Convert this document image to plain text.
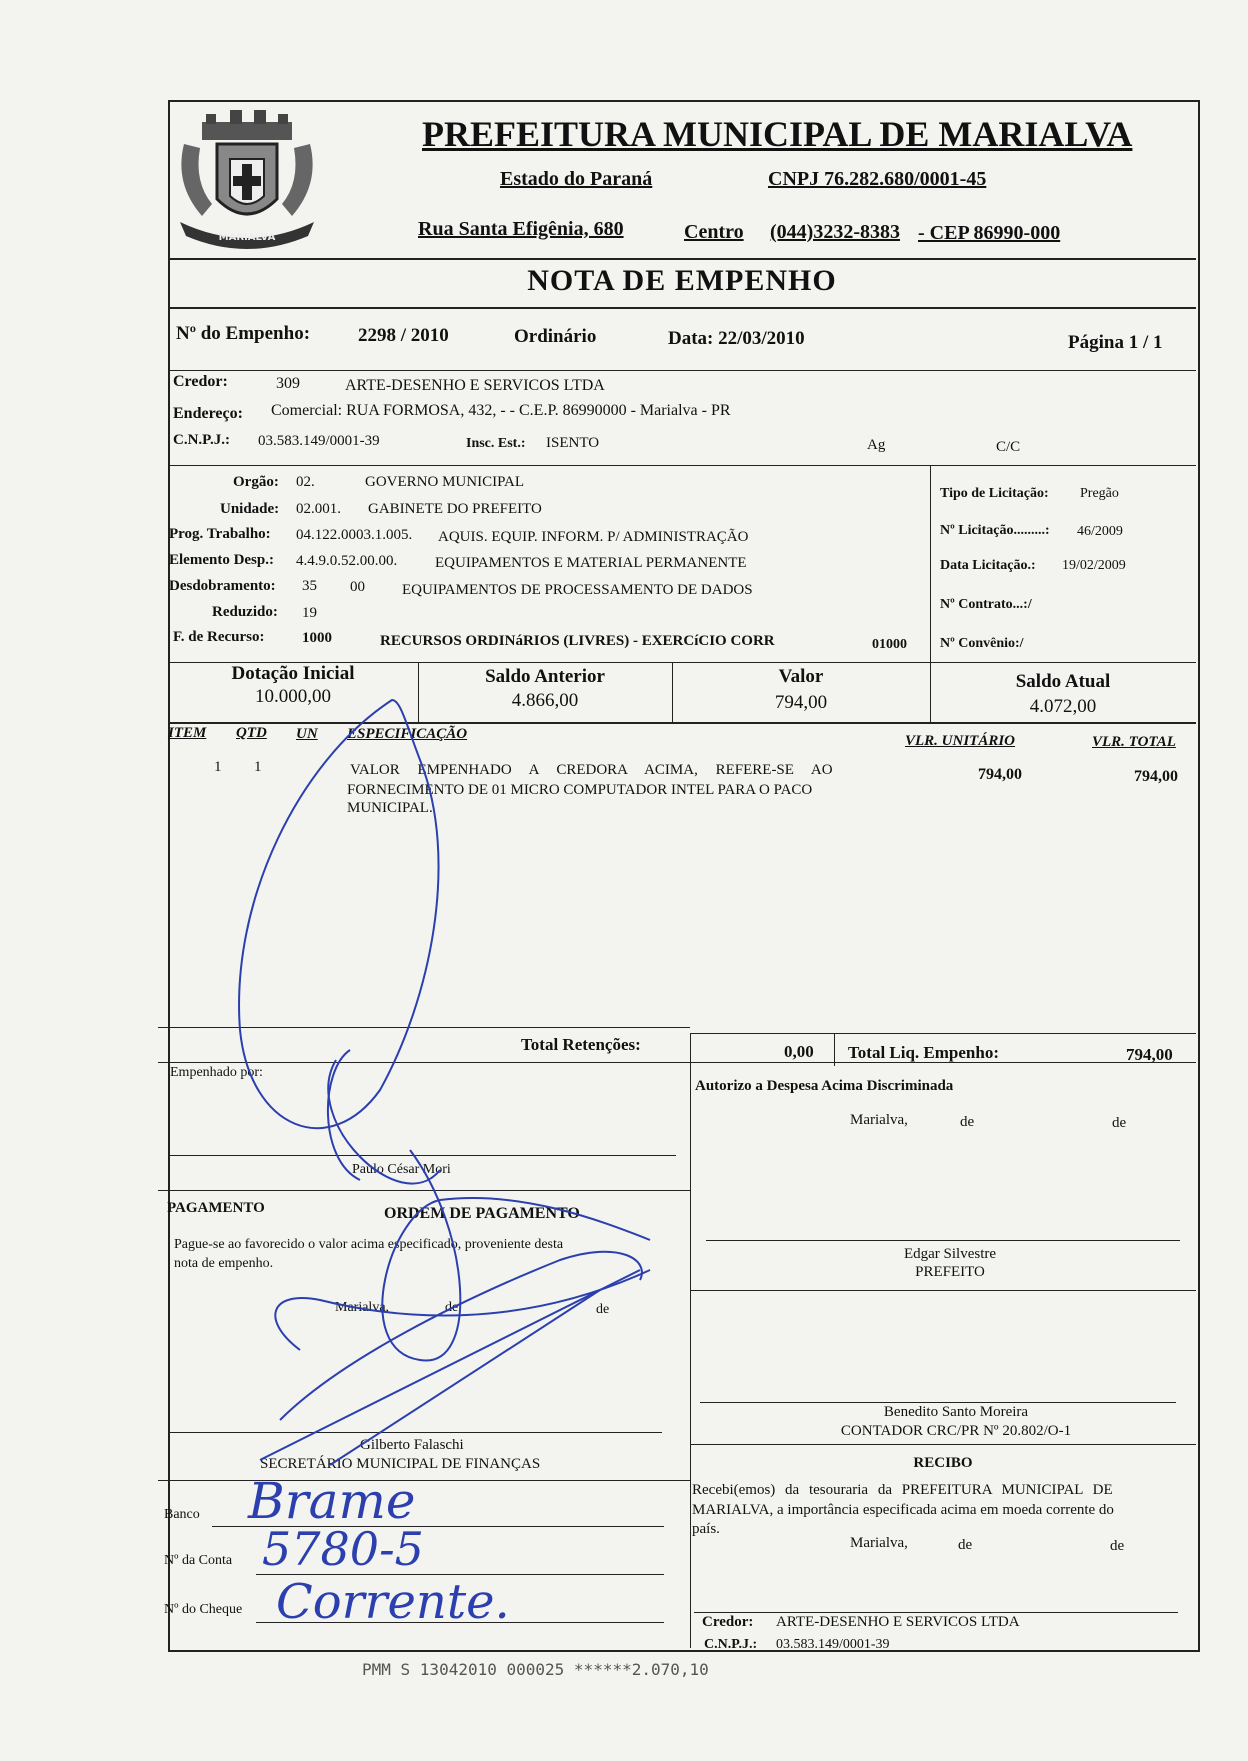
MARIALVA
PREFEITURA MUNICIPAL DE MARIALVA
Estado do Paraná	CNPJ 76.282.680/0001-45
Rua Santa Efigênia, 680	Centro (044)3232-8383 - CEP 86990-000
NOTA DE EMPENHO
Nº do Empenho:	2298 / 2010	Ordinário	Data: 22/03/2010	Página 1 / 1
Credor:	309	ARTE-DESENHO E SERVICOS LTDA
Endereço: Comercial: RUA FORMOSA, 432, - - C.E.P. 86990000 - Marialva - PR
C.N.P.J.: 03.583.149/0001-39	Insc. Est.: ISENTO	Ag	C/C
Orgão: 02.	GOVERNO MUNICIPAL
Unidade: 02.001. GABINETE DO PREFEITO
Prog. Trabalho: 04.122.0003.1.005. AQUIS. EQUIP. INFORM. P/ ADMINISTRAÇÃO
Elemento Desp.: 4.4.9.0.52.00.00.	EQUIPAMENTOS E MATERIAL PERMANENTE
Desdobramento: 35 00 EQUIPAMENTOS DE PROCESSAMENTO DE DADOS
Reduzido: 19
F. de Recurso: 1000	RECURSOS ORDINáRIOS (LIVRES) - EXERCíCIO CORR	01000
Tipo de Licitação: Pregão
Nº Licitação.........: 46/2009
Data Licitação.: 19/02/2009
Nº Contrato...:/
Nº Convênio:/
Dotação Inicial
10.000,00
Saldo Anterior
4.866,00
Valor
794,00
Saldo Atual
4.072,00
ITEM QTD UN ESPECIFICAÇÃO	VLR. UNITÁRIO	VLR. TOTAL
1 1	VALOR EMPENHADO A CREDORA ACIMA, REFERE-SE AO
FORNECIMENTO DE 01 MICRO COMPUTADOR INTEL PARA O PACO
MUNICIPAL.
794,00	794,00
Total Retenções:	0,00 Total Liq. Empenho:	794,00
Empenhado por:
Paulo César Mori
PAGAMENTO	ORDEM DE PAGAMENTO
Pague-se ao favorecido o valor acima especificado, proveniente desta
nota de empenho.
Marialva,	de	de
Gilberto Falaschi
SECRETÁRIO MUNICIPAL DE FINANÇAS
Banco
Nº da Conta
Nº do Cheque
Brame
5780-5
Corrente.
Autorizo a Despesa Acima Discriminada
Marialva,	de	de
Edgar Silvestre
PREFEITO
Benedito Santo Moreira
CONTADOR CRC/PR Nº 20.802/O-1
RECIBO
Recebi(emos) da tesouraria da PREFEITURA MUNICIPAL DE
MARIALVA, a importância especificada acima em moeda corrente do
país.
Marialva,	de	de
Credor: ARTE-DESENHO E SERVICOS LTDA
C.N.P.J.: 03.583.149/0001-39
PMM S 13042010 000025 ******2.070,10
